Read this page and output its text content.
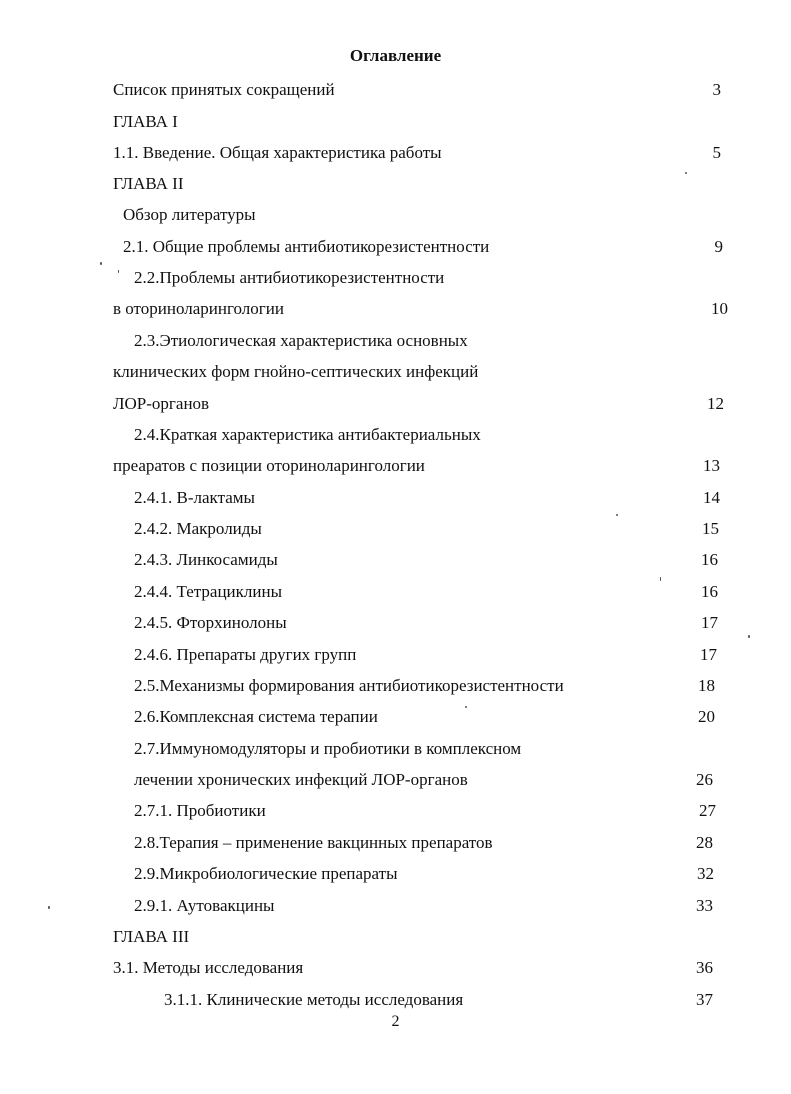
Оглавление
Список принятых сокращений	3
ГЛАВА I
1.1. Введение. Общая характеристика работы	5
ГЛАВА II
Обзор литературы
2.1. Общие проблемы антибиотикорезистентности	9
2.2.Проблемы антибиотикорезистентности
в оториноларингологии	10
2.3.Этиологическая характеристика основных
клинических форм гнойно-септических инфекций
ЛОР-органов	12
2.4.Краткая характеристика антибактериальных
преаратов с позиции оториноларингологии	13
2.4.1. В-лактамы	14
2.4.2. Макролиды	15
2.4.3. Линкосамиды	16
2.4.4. Тетрациклины	16
2.4.5. Фторхинолоны	17
2.4.6. Препараты других групп	17
2.5.Механизмы формирования антибиотикорезистентности	18
2.6.Комплексная система терапии	20
2.7.Иммуномодуляторы и пробиотики в комплексном
лечении хронических инфекций ЛОР-органов	26
2.7.1. Пробиотики	27
2.8.Терапия – применение вакцинных препаратов	28
2.9.Микробиологические препараты	32
2.9.1. Аутовакцины	33
ГЛАВА III
3.1. Методы исследования	36
3.1.1. Клинические методы исследования	37
2
